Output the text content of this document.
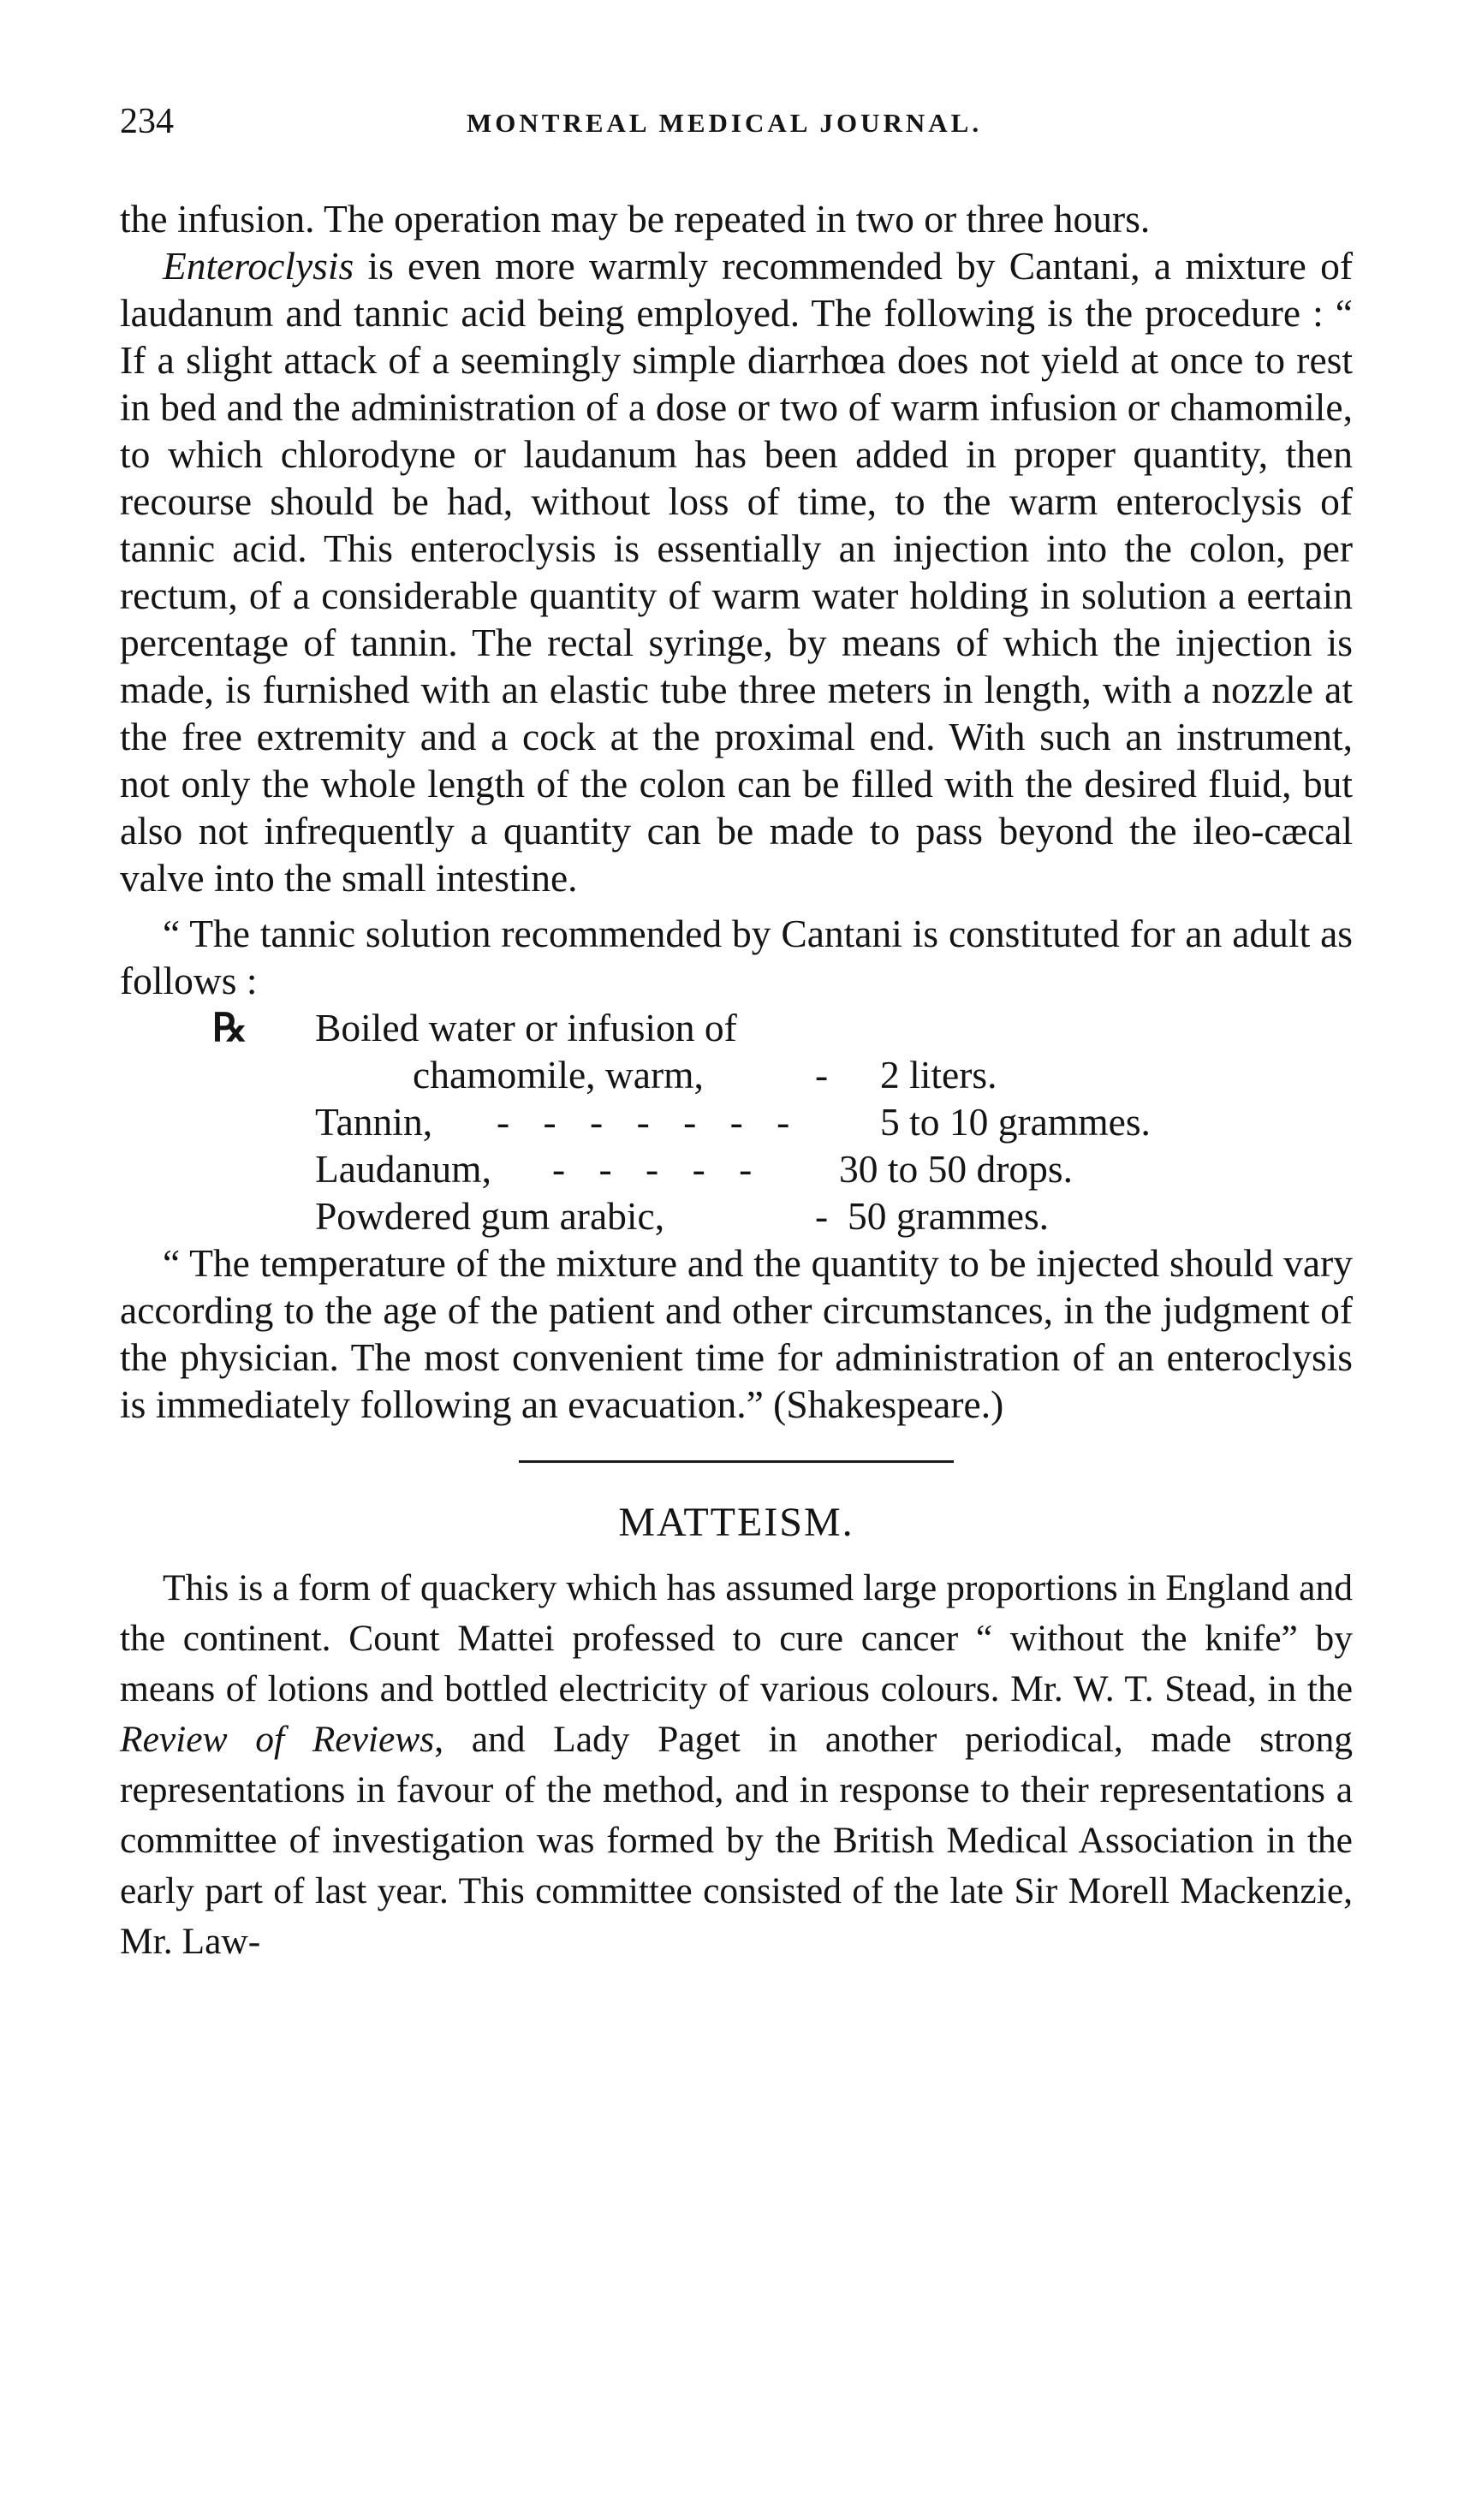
234	MONTREAL MEDICAL JOURNAL.

the infusion. The operation may be repeated in two or three hours.

Enteroclysis is even more warmly recommended by Cantani, a mixture of laudanum and tannic acid being employed. The following is the procedure : “ If a slight attack of a seemingly simple diarrhœa does not yield at once to rest in bed and the administration of a dose or two of warm infusion or chamomile, to which chlorodyne or laudanum has been added in proper quantity, then recourse should be had, without loss of time, to the warm enteroclysis of tannic acid. This enteroclysis is essentially an injection into the colon, per rectum, of a considerable quantity of warm water holding in solution a eertain percentage of tannin. The rectal syringe, by means of which the injection is made, is furnished with an elastic tube three meters in length, with a nozzle at the free extremity and a cock at the proximal end. With such an instrument, not only the whole length of the colon can be filled with the desired fluid, but also not infrequently a quantity can be made to pass beyond the ileo-cæcal valve into the small intestine.

“ The tannic solution recommended by Cantani is constituted for an adult as follows :

℞ Boiled water or infusion of
chamomile, warm,	- 2 liters.
Tannin, - - - - - - - 5 to 10 grammes.
Laudanum, - - - - - 30 to 50 drops.
Powdered gum arabic,	- 50 grammes.

“ The temperature of the mixture and the quantity to be injected should vary according to the age of the patient and other circumstances, in the judgment of the physician. The most convenient time for administration of an enteroclysis is immediately following an evacuation.” (Shakespeare.)

MATTEISM.

This is a form of quackery which has assumed large proportions in England and the continent. Count Mattei professed to cure cancer “ without the knife” by means of lotions and bottled electricity of various colours. Mr. W. T. Stead, in the Review of Reviews, and Lady Paget in another periodical, made strong representations in favour of the method, and in response to their representations a committee of investigation was formed by the British Medical Association in the early part of last year. This committee consisted of the late Sir Morell Mackenzie, Mr. Law-
